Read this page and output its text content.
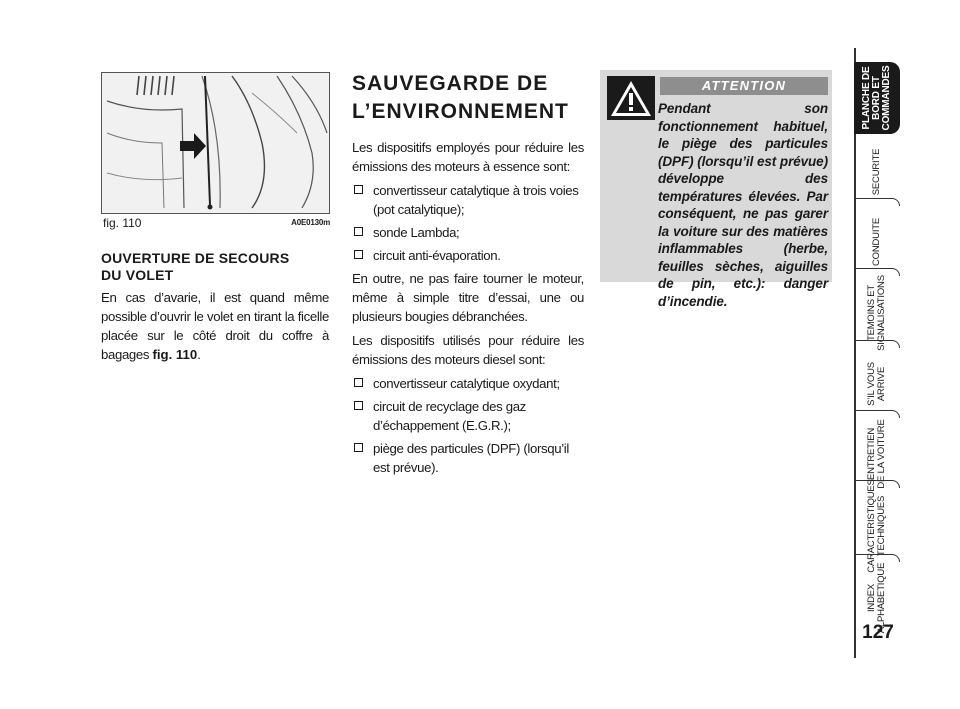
fig. 110	A0E0130m
OUVERTURE DE SECOURS
DU VOLET

En cas d’avarie, il est quand même possible d’ouvrir le volet en tirant la ficelle placée sur le côté droit du coffre à bagages fig. 110.

SAUVEGARDE DE
L’ENVIRONNEMENT

Les dispositifs employés pour réduire les émissions des moteurs à essence sont:

convertisseur catalytique à trois voies (pot catalytique);
sonde Lambda;
circuit anti-évaporation.

En outre, ne pas faire tourner le moteur, même à simple titre d’essai, une ou plusieurs bougies débranchées.

Les dispositifs utilisés pour réduire les émissions des moteurs diesel sont:

convertisseur catalytique oxydant;
circuit de recyclage des gaz d’échappement (E.G.R.);
piège des particules (DPF) (lorsqu’il est prévue).
ATTENTION
Pendant son fonctionnement habituel, le piège des particules (DPF) (lorsqu’il est prévue) développe des températures élevées. Par conséquent, ne pas garer la voiture sur des matières inflammables (herbe, feuilles sèches, aiguilles de pin, etc.): danger d’incendie.
PLANCHE DE
BORD ET
COMMANDES
SECURITE
CONDUITE
TEMOINS ET
SIGNALISATIONS
S’IL VOUS
ARRIVE
ENTRETIEN
DE LA VOITURE
CARACTERISTIQUES
TECHNIQUES
INDEX
ALPHABETIQUE
127
